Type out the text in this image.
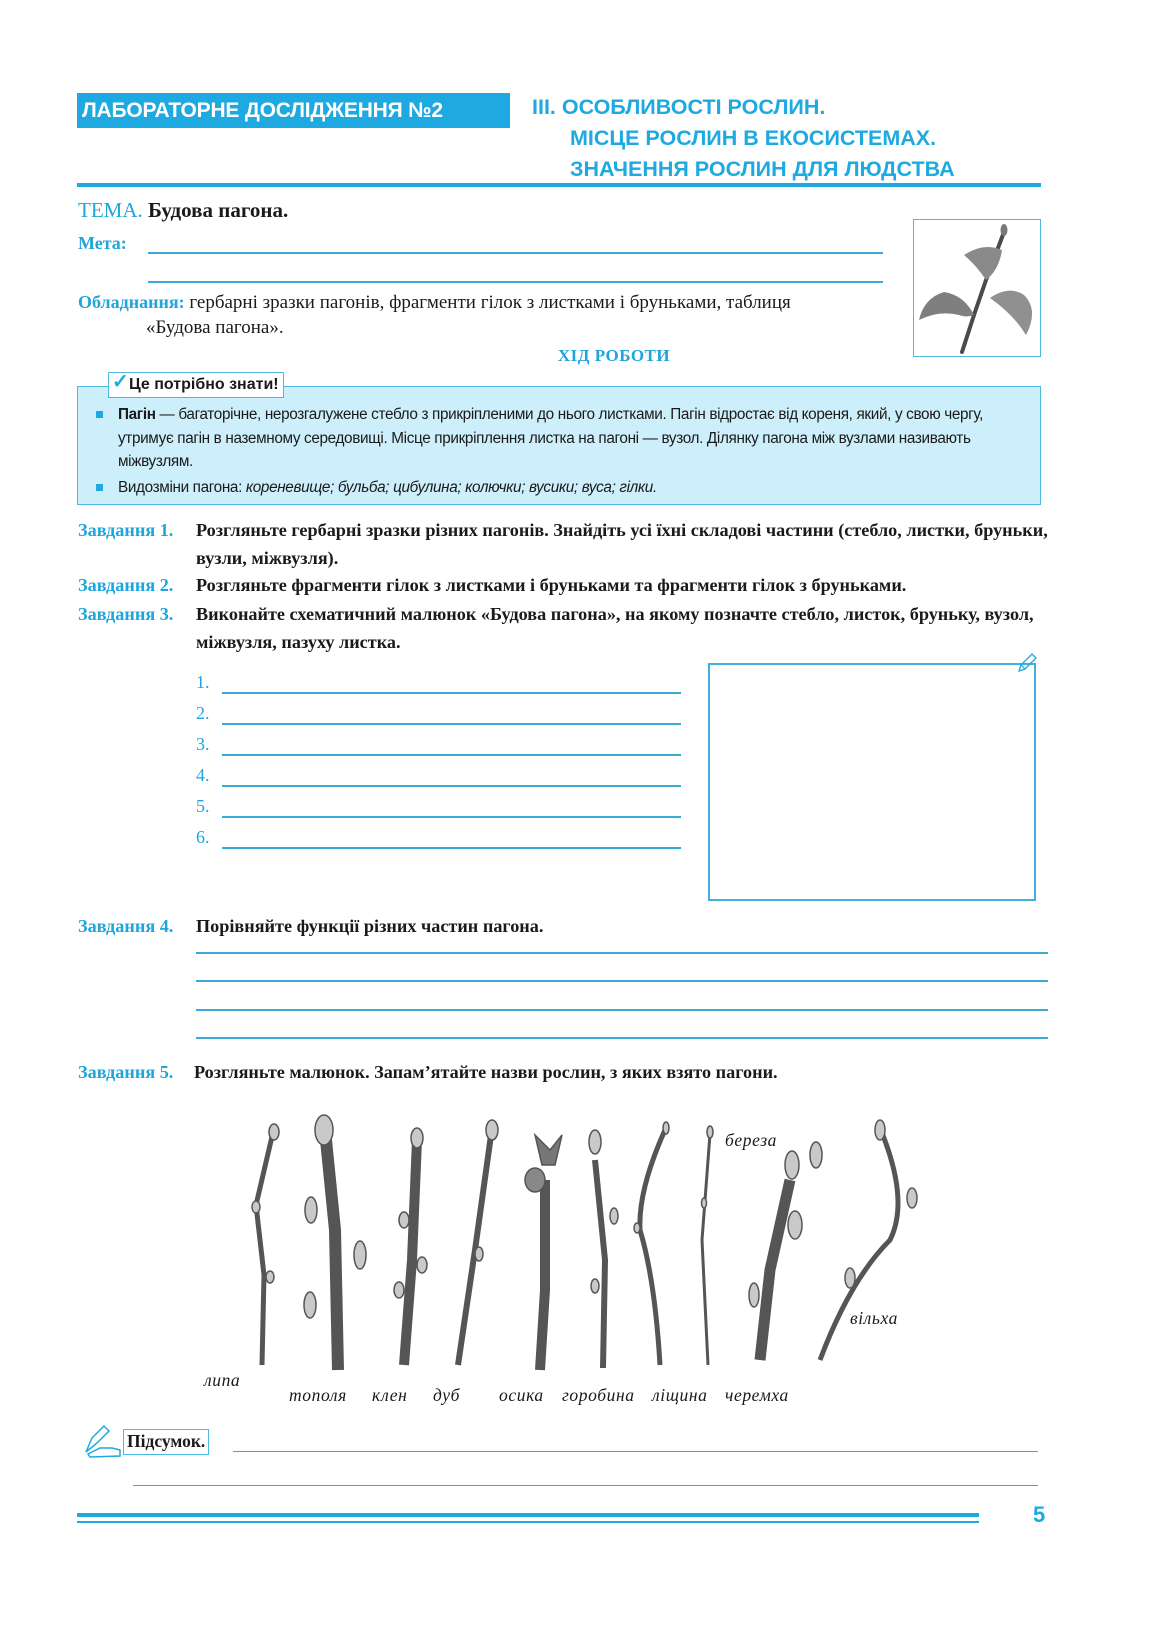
ЛАБОРАТОРНЕ ДОСЛІДЖЕННЯ №2	ІІІ. ОСОБЛИВОСТІ РОСЛИН.
МІСЦЕ РОСЛИН В ЕКОСИСТЕМАХ.
ЗНАЧЕННЯ РОСЛИН ДЛЯ ЛЮДСТВА
ТЕМА. Будова пагона.
Мета:
Обладнання: гербарні зразки пагонів, фрагменти гілок з листками і бруньками, таблиця
«Будова пагона».
ХІД РОБОТИ
✓ Це потрібно знати!
Пагін — багаторічне, нерозгалужене стебло з прикріпленими до нього листками. Пагін відростає від кореня, який, у свою чергу, утримує пагін в наземному середовищі. Місце прикріплення листка на пагоні — вузол. Ділянку пагона між вузлами називають міжвузлям.
Видозміни пагона: кореневище; бульба; цибулина; колючки; вусики; вуса; гілки.
Завдання 1.	Розгляньте гербарні зразки різних пагонів. Знайдіть усі їхні складові частини (стебло, листки, бруньки, вузли, міжвузля).
Завдання 2.	Розгляньте фрагменти гілок з листками і бруньками та фрагменти гілок з бруньками.
Завдання 3.	Виконайте схематичний малюнок «Будова пагона», на якому позначте стебло, листок, бруньку, вузол, міжвузля, пазуху листка.
1.
2.
3.
4.
5.
6.
Завдання 4.	Порівняйте функції різних частин пагона.
Завдання 5.	Розгляньте малюнок. Запам’ятайте назви рослин, з яких взято пагони.
липа
тополя клен дуб осика горобина ліщина черемха
береза
вільха
Підсумок.
5
